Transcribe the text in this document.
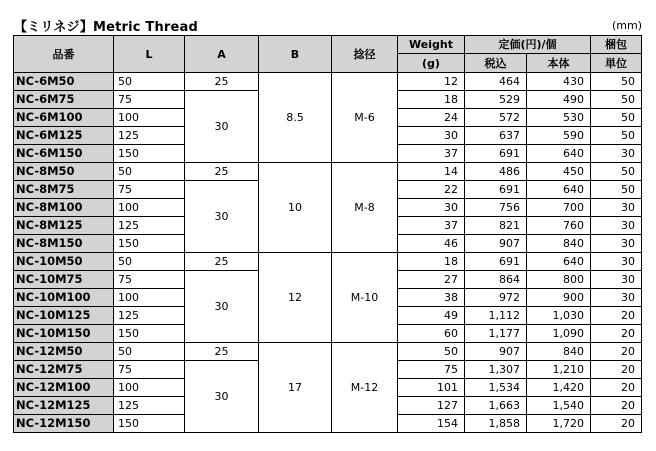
【ミリネジ】Metric Thread	(mm)
品番	L	A	B	捻径	Weight	定価(円)/個		梱包
					(g)	税込	本体	単位
NC-6M50	50	25	8.5	M-6	12	464	430	50
NC-6M75	75	30			18	529	490	50
NC-6M100	100				24	572	530	50
NC-6M125	125				30	637	590	50
NC-6M150	150				37	691	640	30
NC-8M50	50	25	10	M-8	14	486	450	50
NC-8M75	75	30			22	691	640	50
NC-8M100	100				30	756	700	30
NC-8M125	125				37	821	760	30
NC-8M150	150				46	907	840	30
NC-10M50	50	25	12	M-10	18	691	640	30
NC-10M75	75	30			27	864	800	30
NC-10M100	100				38	972	900	30
NC-10M125	125				49	1,112	1,030	20
NC-10M150	150				60	1,177	1,090	20
NC-12M50	50	25	17	M-12	50	907	840	20
NC-12M75	75	30			75	1,307	1,210	20
NC-12M100	100				101	1,534	1,420	20
NC-12M125	125				127	1,663	1,540	20
NC-12M150	150				154	1,858	1,720	20
